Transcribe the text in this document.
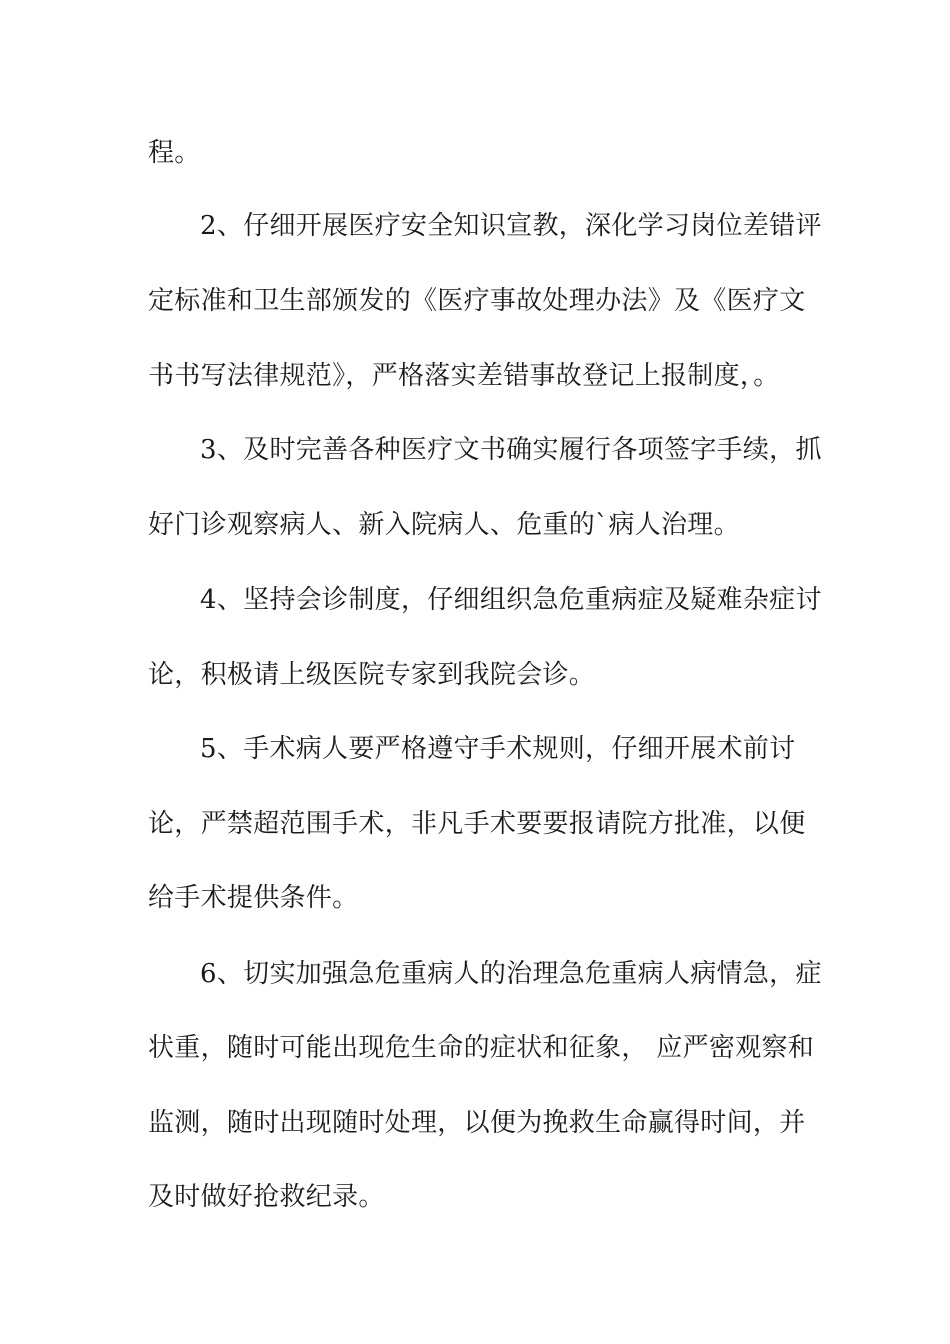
程。
2、仔细开展医疗安全知识宣教，深化学习岗位差错评
定标准和卫生部颁发的《医疗事故处理办法》及《医疗文
书书写法律规范》，严格落实差错事故登记上报制度，。
3、及时完善各种医疗文书确实履行各项签字手续，抓
好门诊观察病人、新入院病人、危重的`病人治理。
4、坚持会诊制度，仔细组织急危重病症及疑难杂症讨
论，积极请上级医院专家到我院会诊。
5、手术病人要严格遵守手术规则，仔细开展术前讨
论，严禁超范围手术，非凡手术要要报请院方批准，以便
给手术提供条件。
6、切实加强急危重病人的治理急危重病人病情急，症
状重，随时可能出现危生命的症状和征象， 应严密观察和
监测，随时出现随时处理，以便为挽救生命赢得时间，并
及时做好抢救纪录。
